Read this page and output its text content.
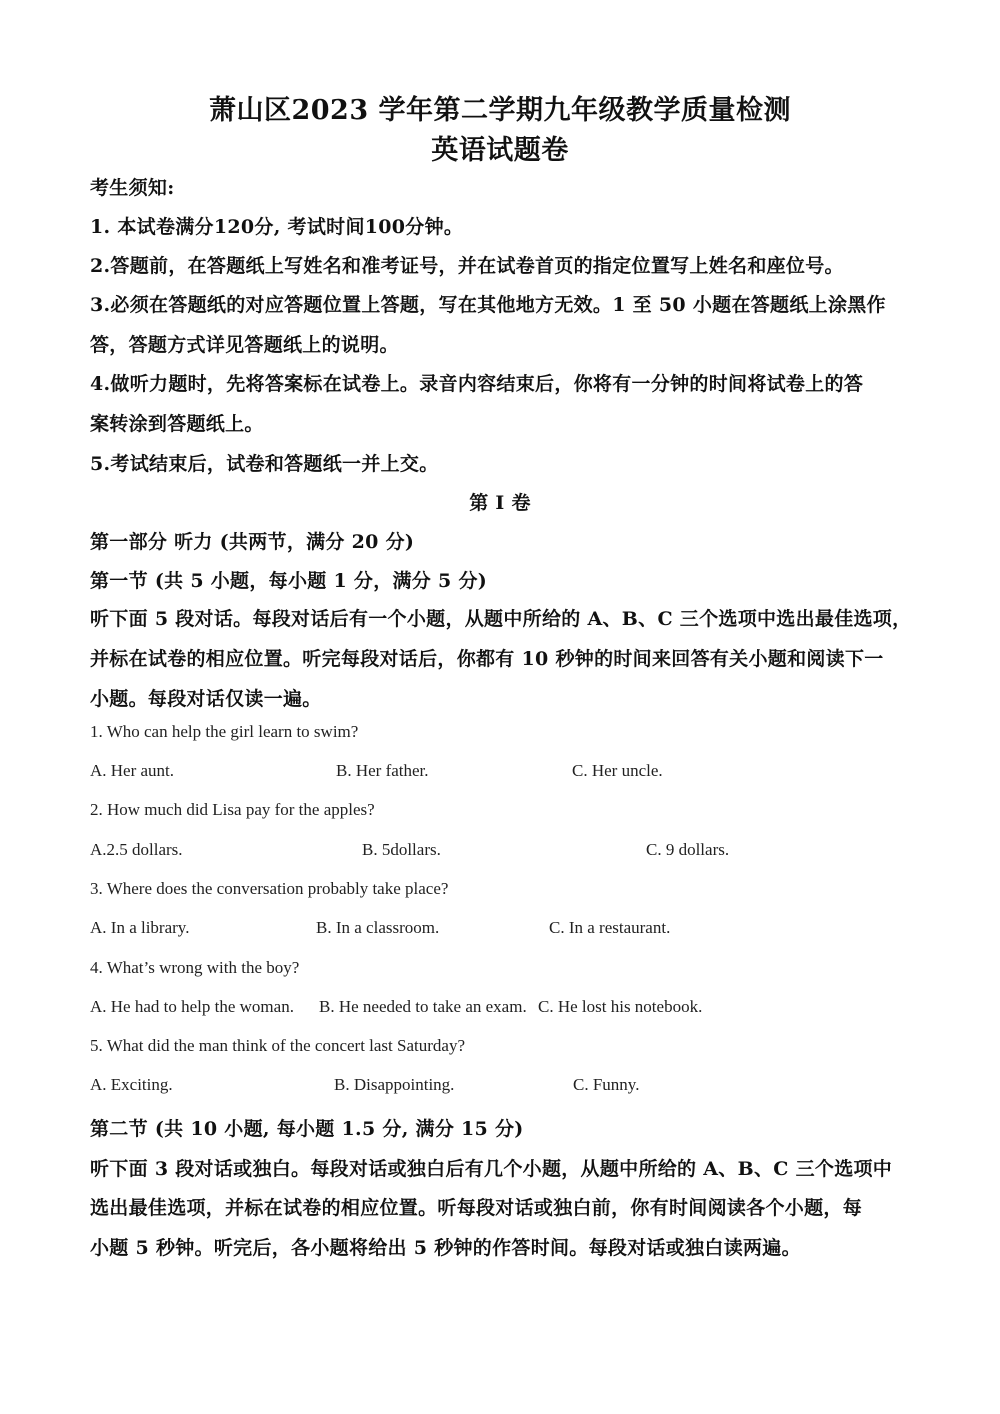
萧山区2023 学年第二学期九年级教学质量检测
英语试题卷
考生须知:
1. 本试卷满分120分, 考试时间100分钟。
2.答题前，在答题纸上写姓名和准考证号，并在试卷首页的指定位置写上姓名和座位号。
3.必须在答题纸的对应答题位置上答题，写在其他地方无效。1 至 50 小题在答题纸上涂黑作
答，答题方式详见答题纸上的说明。
4.做听力题时，先将答案标在试卷上。录音内容结束后，你将有一分钟的时间将试卷上的答
案转涂到答题纸上。
5.考试结束后，试卷和答题纸一并上交。
第 I 卷
第一部分 听力 (共两节，满分 20 分)
第一节 (共 5 小题，每小题 1 分，满分 5 分)
听下面 5 段对话。每段对话后有一个小题，从题中所给的 A、B、C 三个选项中选出最佳选项，
并标在试卷的相应位置。听完每段对话后，你都有 10 秒钟的时间来回答有关小题和阅读下一
小题。每段对话仅读一遍。
1. Who can help the girl learn to swim?
A. Her aunt.	B. Her father.	C. Her uncle.
2. How much did Lisa pay for the apples?
A.2.5 dollars.	B. 5dollars.	C. 9 dollars.
3. Where does the conversation probably take place?
A. In a library.	B. In a classroom.	C. In a restaurant.
4. What’s wrong with the boy?
A. He had to help the woman. B. He needed to take an exam. C. He lost his notebook.
5. What did the man think of the concert last Saturday?
A. Exciting.	B. Disappointing.	C. Funny.
第二节 (共 10 小题, 每小题 1.5 分, 满分 15 分)
听下面 3 段对话或独白。每段对话或独白后有几个小题，从题中所给的 A、B、C 三个选项中
选出最佳选项，并标在试卷的相应位置。听每段对话或独白前，你有时间阅读各个小题，每
小题 5 秒钟。听完后，各小题将给出 5 秒钟的作答时间。每段对话或独白读两遍。
